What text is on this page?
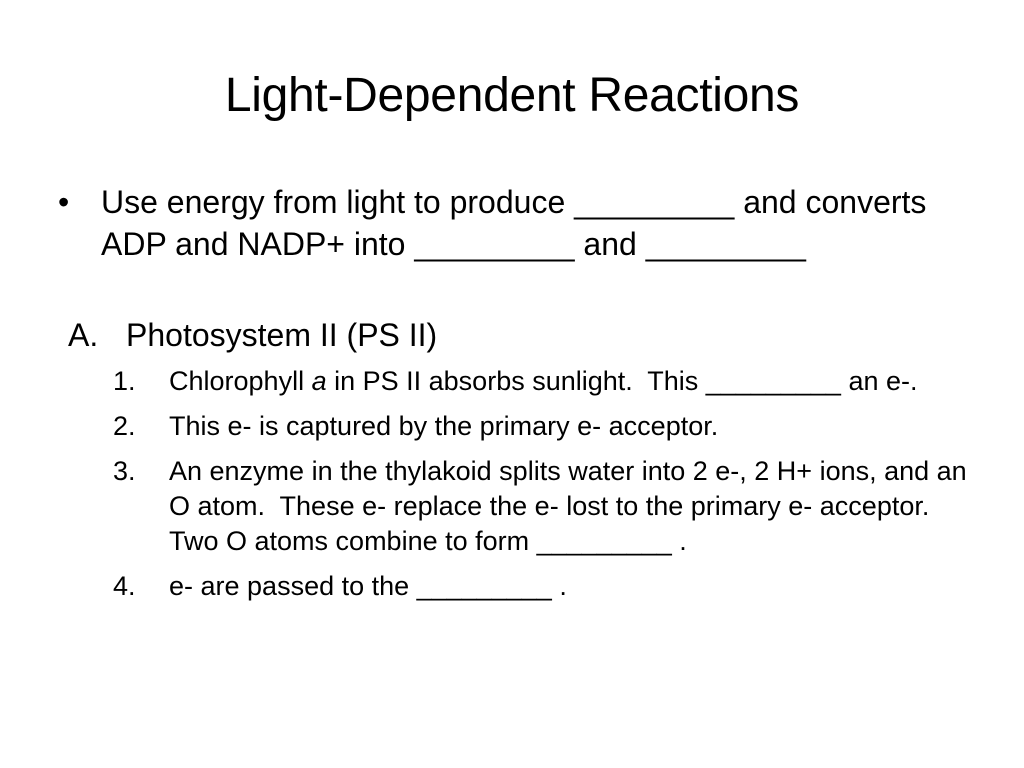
Light-Dependent Reactions
• Use energy from light to produce _________ and converts ADP and NADP+ into _________ and _________
A. Photosystem II (PS II)
1.	Chlorophyll a in PS II absorbs sunlight.  This _________ an e-.
2.	This e- is captured by the primary e- acceptor.
3.	An enzyme in the thylakoid splits water into 2 e-, 2 H+ ions, and an O atom.  These e- replace the e- lost to the primary e- acceptor.  Two O atoms combine to form _________ .
4.	e- are passed to the _________ .
